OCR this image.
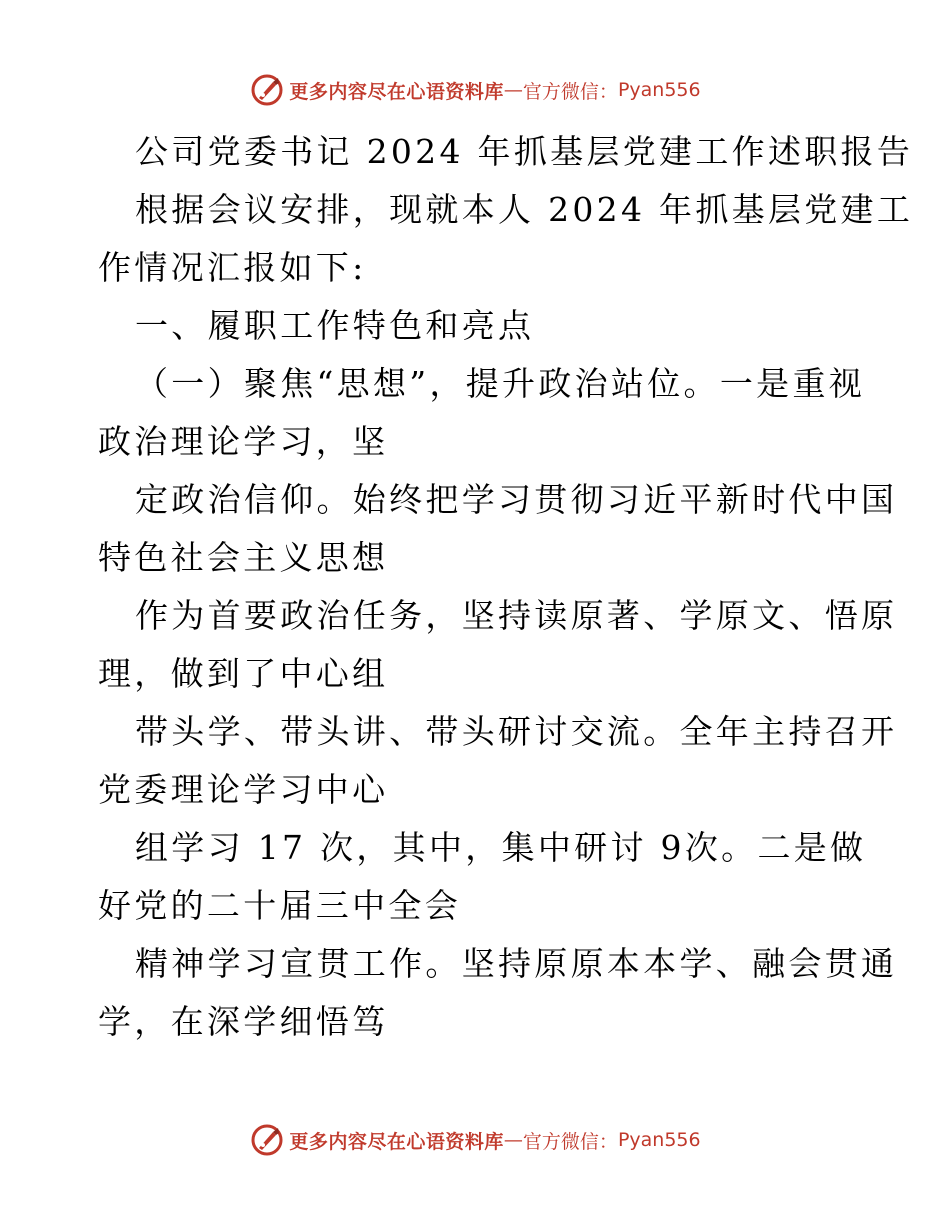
更多内容尽在心语资料库 — 官方微信： Pyan556
公司党委书记 2024 年抓基层党建工作述职报告
根据会议安排，现就本人 2024 年抓基层党建工
作情况汇报如下:
一、履职工作特色和亮点
（一）聚焦“思想”，提升政治站位。一是重视
政治理论学习，坚
定政治信仰。始终把学习贯彻习近平新时代中国
特色社会主义思想
作为首要政治任务，坚持读原著、学原文、悟原
理，做到了中心组
带头学、带头讲、带头研讨交流。全年主持召开
党委理论学习中心
组学习 17 次，其中，集中研讨 9次。二是做
好党的二十届三中全会
精神学习宣贯工作。坚持原原本本学、融会贯通
学，在深学细悟笃
更多内容尽在心语资料库 — 官方微信： Pyan556
